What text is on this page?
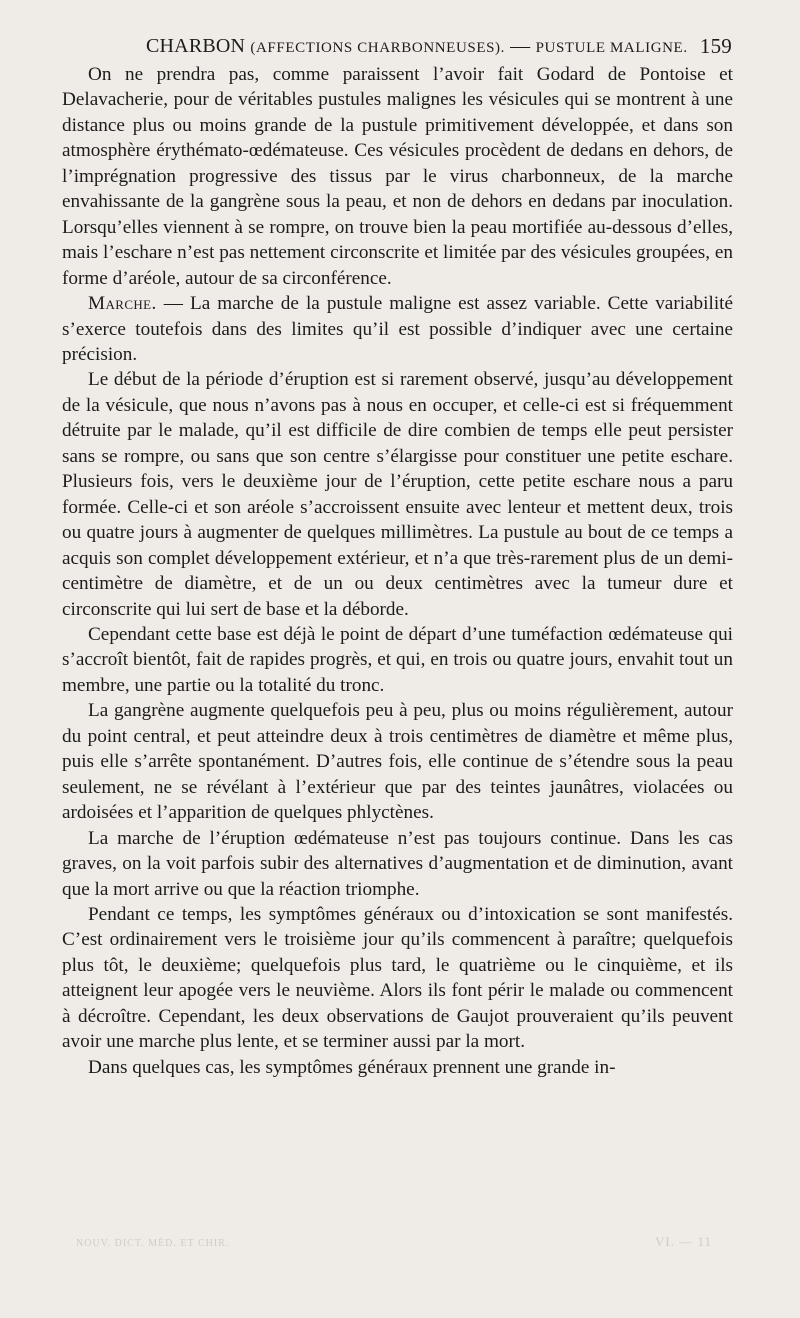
CHARBON (AFFECTIONS CHARBONNEUSES). — PUSTULE MALIGNE. 159

On ne prendra pas, comme paraissent l’avoir fait Godard de Pontoise et Delavacherie, pour de véritables pustules malignes les vésicules qui se montrent à une distance plus ou moins grande de la pustule primitivement développée, et dans son atmosphère érythémato-œdémateuse. Ces vésicules procèdent de dedans en dehors, de l’imprégnation progressive des tissus par le virus charbonneux, de la marche envahissante de la gangrène sous la peau, et non de dehors en dedans par inoculation. Lorsqu’elles viennent à se rompre, on trouve bien la peau mortifiée au-dessous d’elles, mais l’eschare n’est pas nettement circonscrite et limitée par des vésicules groupées, en forme d’aréole, autour de sa circonférence.

Marche. — La marche de la pustule maligne est assez variable. Cette variabilité s’exerce toutefois dans des limites qu’il est possible d’indiquer avec une certaine précision.

Le début de la période d’éruption est si rarement observé, jusqu’au développement de la vésicule, que nous n’avons pas à nous en occuper, et celle-ci est si fréquemment détruite par le malade, qu’il est difficile de dire combien de temps elle peut persister sans se rompre, ou sans que son centre s’élargisse pour constituer une petite eschare. Plusieurs fois, vers le deuxième jour de l’éruption, cette petite eschare nous a paru formée. Celle-ci et son aréole s’accroissent ensuite avec lenteur et mettent deux, trois ou quatre jours à augmenter de quelques millimètres. La pustule au bout de ce temps a acquis son complet développement extérieur, et n’a que très-rarement plus de un demi-centimètre de diamètre, et de un ou deux centimètres avec la tumeur dure et circonscrite qui lui sert de base et la déborde.

Cependant cette base est déjà le point de départ d’une tuméfaction œdémateuse qui s’accroît bientôt, fait de rapides progrès, et qui, en trois ou quatre jours, envahit tout un membre, une partie ou la totalité du tronc.

La gangrène augmente quelquefois peu à peu, plus ou moins régulièrement, autour du point central, et peut atteindre deux à trois centimètres de diamètre et même plus, puis elle s’arrête spontanément. D’autres fois, elle continue de s’étendre sous la peau seulement, ne se révélant à l’extérieur que par des teintes jaunâtres, violacées ou ardoisées et l’apparition de quelques phlyctènes.

La marche de l’éruption œdémateuse n’est pas toujours continue. Dans les cas graves, on la voit parfois subir des alternatives d’augmentation et de diminution, avant que la mort arrive ou que la réaction triomphe.

Pendant ce temps, les symptômes généraux ou d’intoxication se sont manifestés. C’est ordinairement vers le troisième jour qu’ils commencent à paraître; quelquefois plus tôt, le deuxième; quelquefois plus tard, le quatrième ou le cinquième, et ils atteignent leur apogée vers le neuvième. Alors ils font périr le malade ou commencent à décroître. Cependant, les deux observations de Gaujot prouveraient qu’ils peuvent avoir une marche plus lente, et se terminer aussi par la mort.

Dans quelques cas, les symptômes généraux prennent une grande in-

NOUV. DICT. MÉD. ET CHIR.	VI. — 11
